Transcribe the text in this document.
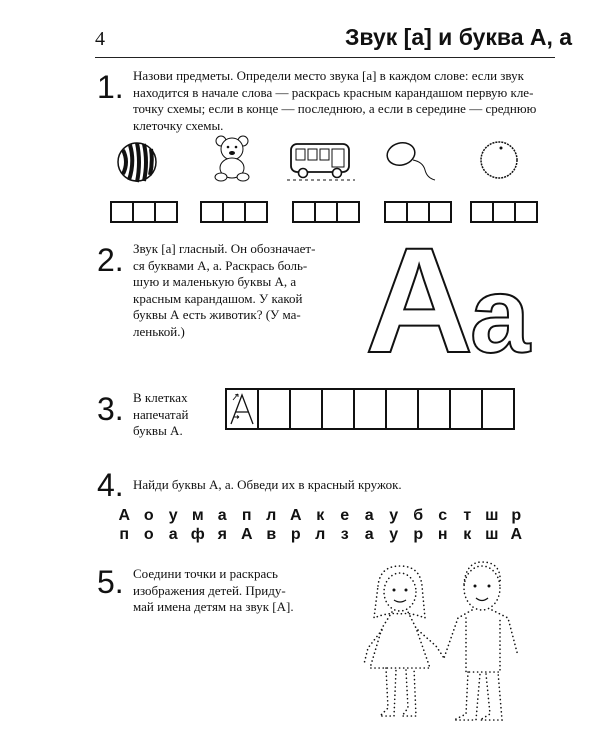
4	Звук [а] и буква А, а
1. Назови предметы. Определи место звука [а] в каждом слове: если звук
находится в начале слова — раскрась красным карандашом первую кле-
точку схемы; если в конце — последнюю, а если в середине — среднюю
клеточку схемы.
2. Звук [а] гласный. Он обозначает-
ся буквами А, а. Раскрась боль-
шую и маленькую буквы А, а
красным карандашом. У какой
буквы А есть животик? (У ма-
ленькой.)	A
a
3. В клетках
напечатай
буквы А.
4. Найди буквы А, а. Обведи их в красный кружок.
А о у м а п л А к е а у б с т ш р
п о а ф я А в р л з а у р н к ш А
5. Соедини точки и раскрась
изображения детей. Приду-
май имена детям на звук [А].
